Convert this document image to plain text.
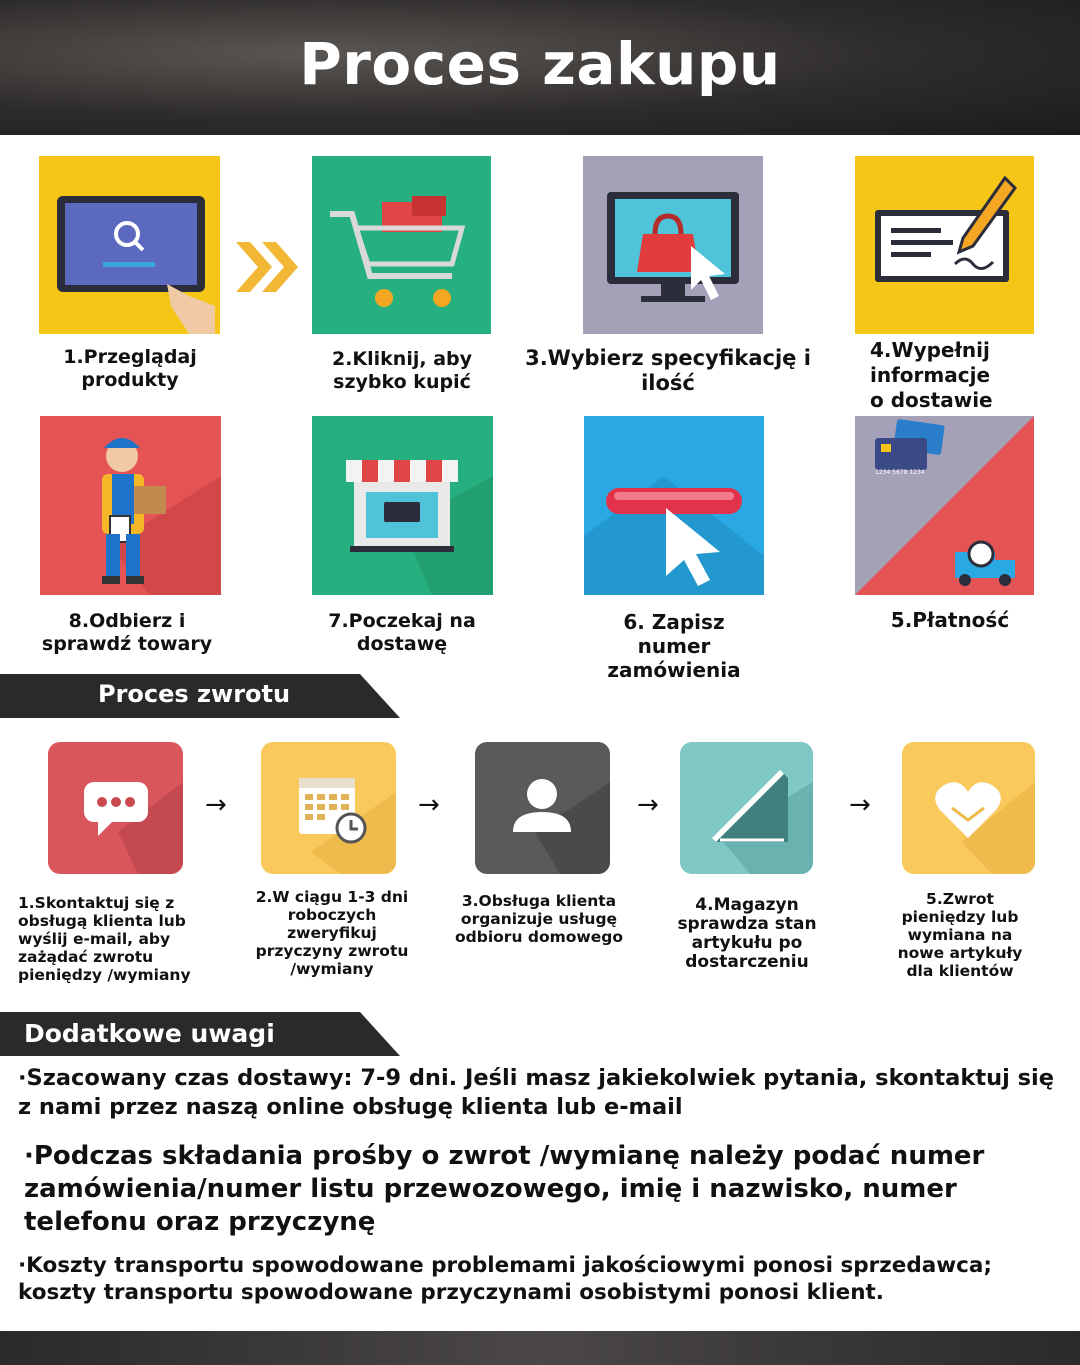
Proces zakupu
1.Przeglądaj produkty
2.Kliknij, aby szybko kupić
3.Wybierz specyfikację i ilość
4.Wypełnij informacje o dostawie
1234 5678 1234
8.Odbierz i sprawdź towary
7.Poczekaj na dostawę
6. Zapisz numer zamówienia
5.Płatność
Proces zwrotu
→	→	→	→
1.Skontaktuj się z obsługą klienta lub wyślij e-mail, aby zażądać zwrotu pieniędzy /wymiany
2.W ciągu 1-3 dni roboczych zweryfikuj przyczyny zwrotu /wymiany
3.Obsługa klienta organizuje usługę odbioru domowego
4.Magazyn sprawdza stan artykułu po dostarczeniu
5.Zwrot pieniędzy lub wymiana na nowe artykuły dla klientów
Dodatkowe uwagi
·Szacowany czas dostawy: 7-9 dni. Jeśli masz jakiekolwiek pytania, skontaktuj się z nami przez naszą online obsługę klienta lub e-mail
·Podczas składania prośby o zwrot /wymianę należy podać numer zamówienia/numer listu przewozowego, imię i nazwisko, numer telefonu oraz przyczynę
·Koszty transportu spowodowane problemami jakościowymi ponosi sprzedawca; koszty transportu spowodowane przyczynami osobistymi ponosi klient.
